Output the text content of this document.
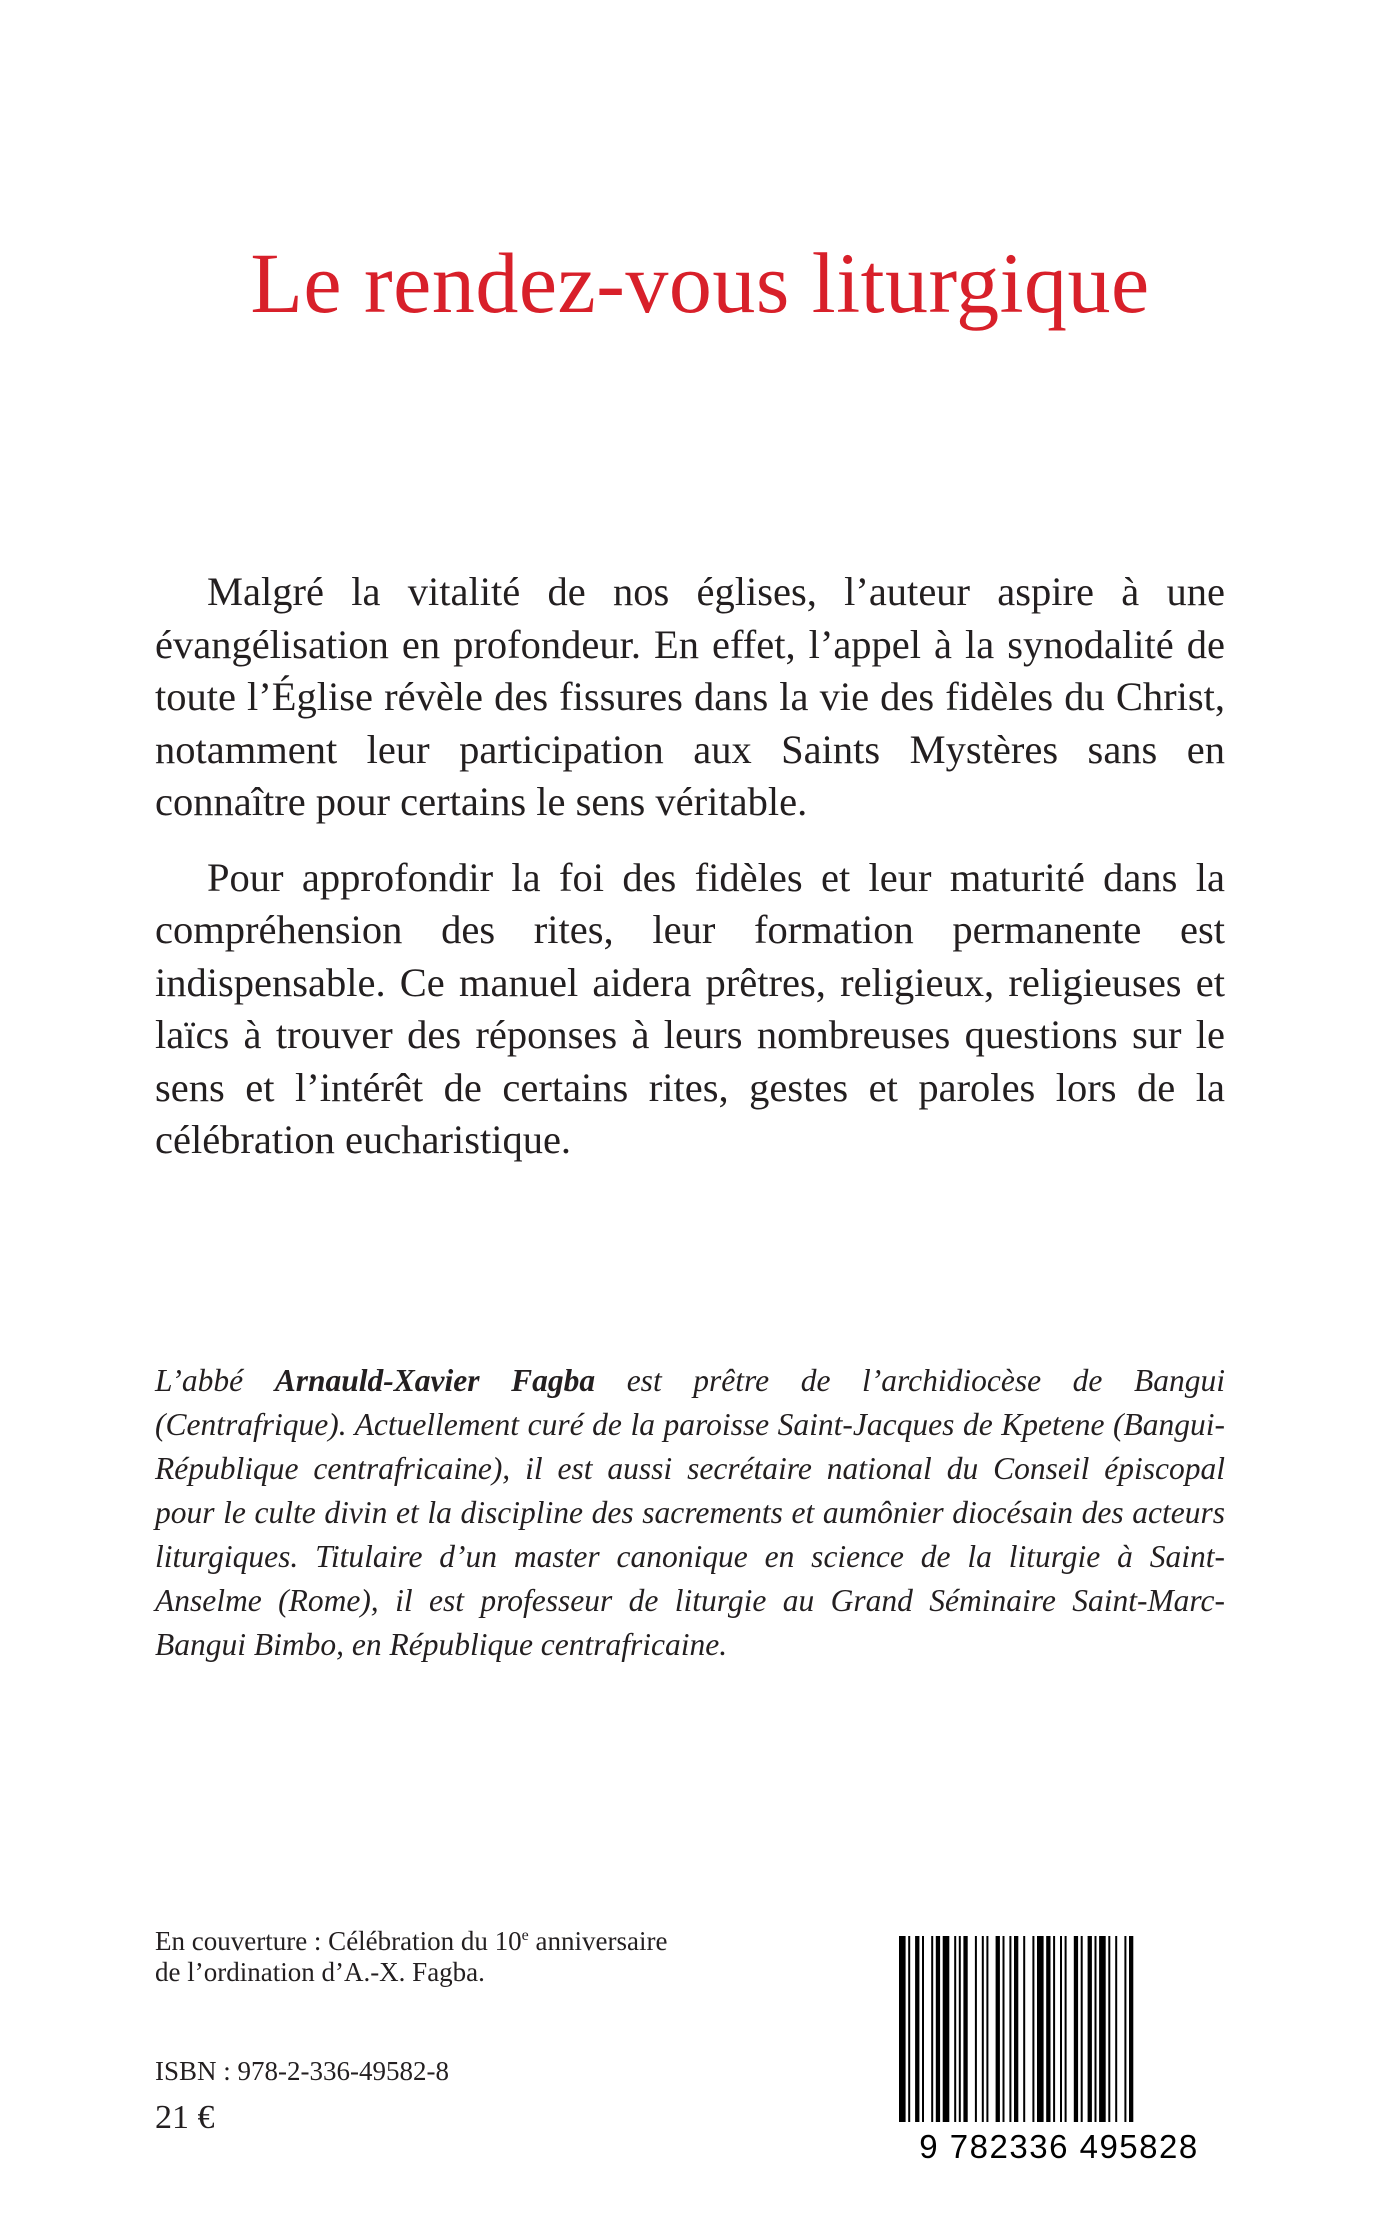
Le rendez-vous liturgique

Malgré la vitalité de nos églises, l’auteur aspire à une évangélisation en profondeur. En effet, l’appel à la synodalité de toute l’Église révèle des fissures dans la vie des fidèles du Christ, notamment leur participation aux Saints Mystères sans en connaître pour certains le sens véritable.

Pour approfondir la foi des fidèles et leur maturité dans la compréhension des rites, leur formation permanente est indispensable. Ce manuel aidera prêtres, religieux, religieuses et laïcs à trouver des réponses à leurs nombreuses questions sur le sens et l’intérêt de certains rites, gestes et paroles lors de la célébration eucharistique.

L’abbé Arnauld-Xavier Fagba est prêtre de l’archidiocèse de Bangui (Centrafrique). Actuellement curé de la paroisse Saint-Jacques de Kpetene (Bangui-République centrafricaine), il est aussi secrétaire national du Conseil épiscopal pour le culte divin et la discipline des sacrements et aumônier diocésain des acteurs liturgiques. Titulaire d’un master canonique en science de la liturgie à Saint-Anselme (Rome), il est professeur de liturgie au Grand Séminaire Saint-Marc-Bangui Bimbo, en République centrafricaine.

En couverture : Célébration du 10e anniversaire
de l’ordination d’A.-X. Fagba.
ISBN : 978-2-336-49582-8
21 €
9 782336 495828
